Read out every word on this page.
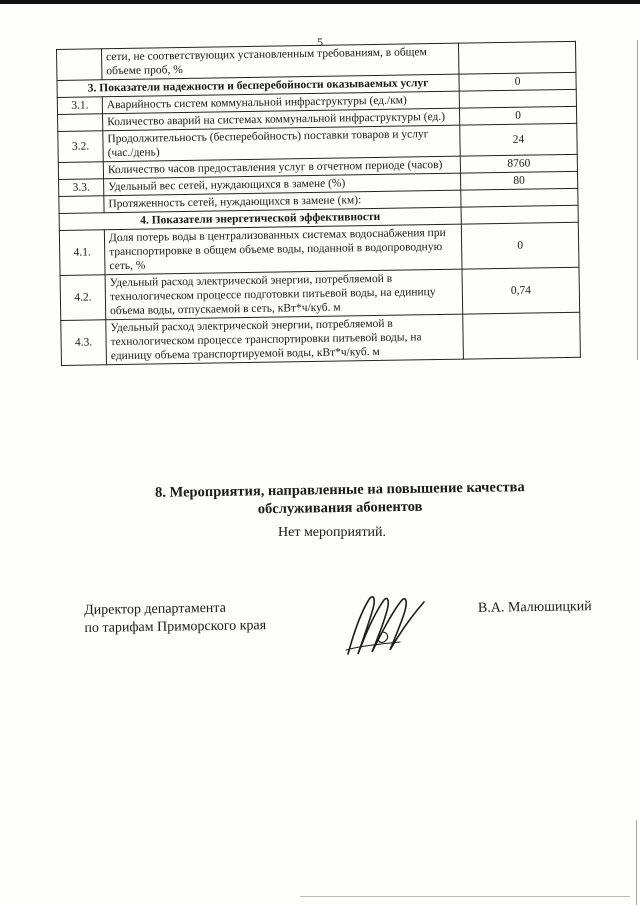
5
	сети, не соответствующих установленным требованиям, в общем объеме проб, %	
3. Показатели надежности и бесперебойности оказываемых услуг		0
3.1.	Аварийность систем коммунальной инфраструктуры (ед./км)	
	Количество аварий на системах коммунальной инфраструктуры (ед.)	0
3.2.	Продолжительность (бесперебойность) поставки товаров и услуг (час./день)	24
	Количество часов предоставления услуг в отчетном периоде (часов)	8760
3.3.	Удельный вес сетей, нуждающихся в замене (%)	80
	Протяженность сетей, нуждающихся в замене (км):	
4. Показатели энергетической эффективности		
4.1.	Доля потерь воды в централизованных системах водоснабжения при транспортировке в общем объеме воды, поданной в водопроводную сеть, %	0
4.2.	Удельный расход электрической энергии, потребляемой в технологическом процессе подготовки питьевой воды, на единицу объема воды, отпускаемой в сеть, кВт*ч/куб. м	0,74
4.3.	Удельный расход электрической энергии, потребляемой в технологическом процессе транспортировки питьевой воды, на единицу объема транспортируемой воды, кВт*ч/куб. м	
8. Мероприятия, направленные на повышение качества
обслуживания абонентов
Нет мероприятий.
Директор департамента
по тарифам Приморского края
В.А. Малюшицкий
